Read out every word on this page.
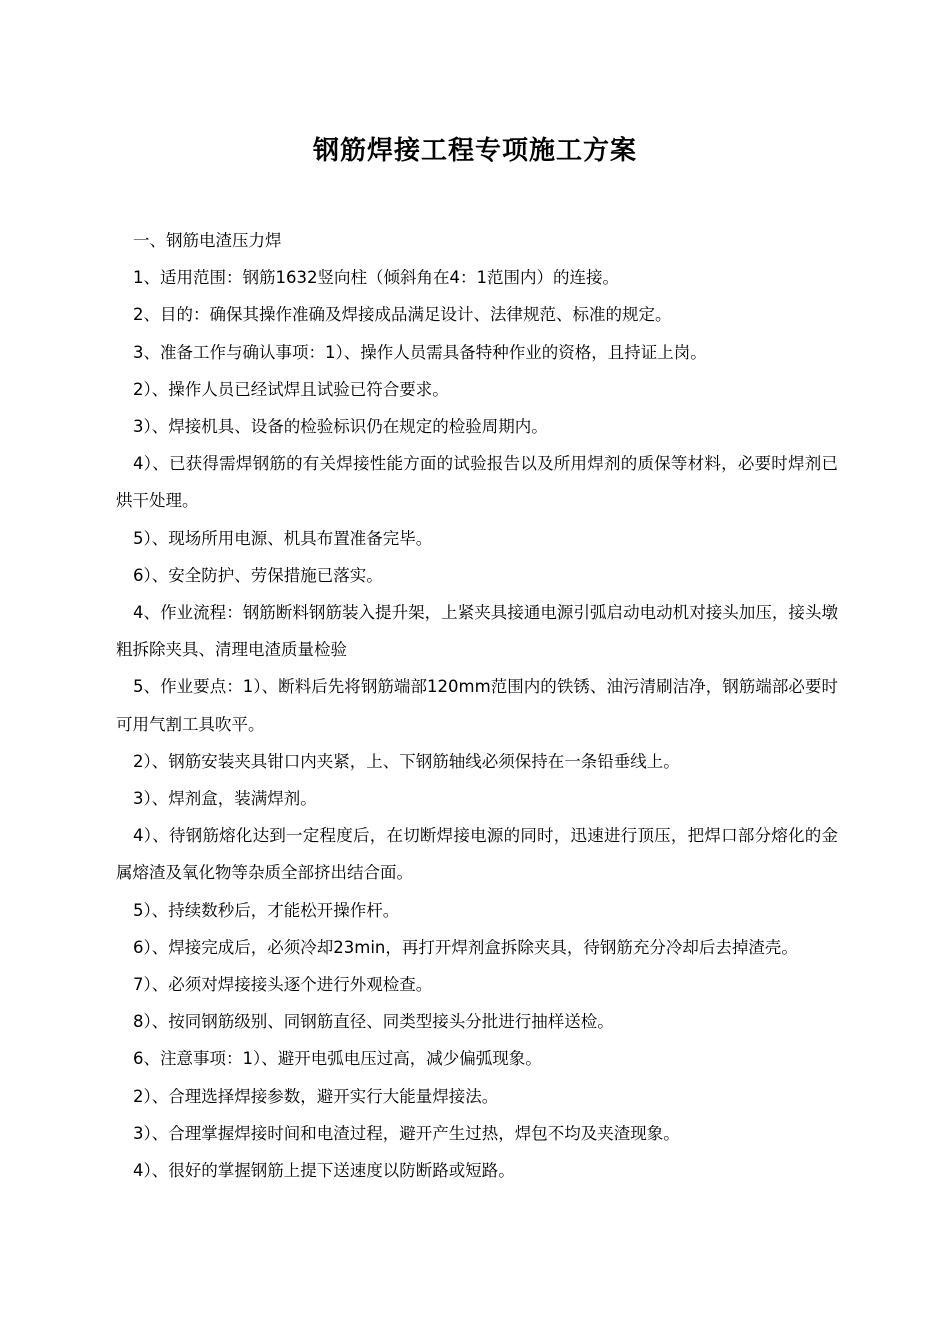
钢筋焊接工程专项施工方案

一、钢筋电渣压力焊

1、适用范围：钢筋1632竖向柱（倾斜角在4：1范围内）的连接。

2、目的：确保其操作准确及焊接成品满足设计、法律规范、标准的规定。

3、准备工作与确认事项：1）、操作人员需具备特种作业的资格，且持证上岗。

2）、操作人员已经试焊且试验已符合要求。

3）、焊接机具、设备的检验标识仍在规定的检验周期内。

4）、已获得需焊钢筋的有关焊接性能方面的试验报告以及所用焊剂的质保等材料，必要时焊剂已烘干处理。

5）、现场所用电源、机具布置准备完毕。

6）、安全防护、劳保措施已落实。

4、作业流程：钢筋断料钢筋装入提升架，上紧夹具接通电源引弧启动电动机对接头加压，接头墩粗拆除夹具、清理电渣质量检验

5、作业要点：1）、断料后先将钢筋端部120mm范围内的铁锈、油污清刷洁净，钢筋端部必要时可用气割工具吹平。

2）、钢筋安装夹具钳口内夹紧，上、下钢筋轴线必须保持在一条铅垂线上。

3）、焊剂盒，装满焊剂。

4）、待钢筋熔化达到一定程度后，在切断焊接电源的同时，迅速进行顶压，把焊口部分熔化的金属熔渣及氧化物等杂质全部挤出结合面。

5）、持续数秒后，才能松开操作杆。

6）、焊接完成后，必须冷却23min，再打开焊剂盒拆除夹具，待钢筋充分冷却后去掉渣壳。

7）、必须对焊接接头逐个进行外观检查。

8）、按同钢筋级别、同钢筋直径、同类型接头分批进行抽样送检。

6、注意事项：1）、避开电弧电压过高，减少偏弧现象。

2）、合理选择焊接参数，避开实行大能量焊接法。

3）、合理掌握焊接时间和电渣过程，避开产生过热，焊包不均及夹渣现象。

4）、很好的掌握钢筋上提下送速度以防断路或短路。
